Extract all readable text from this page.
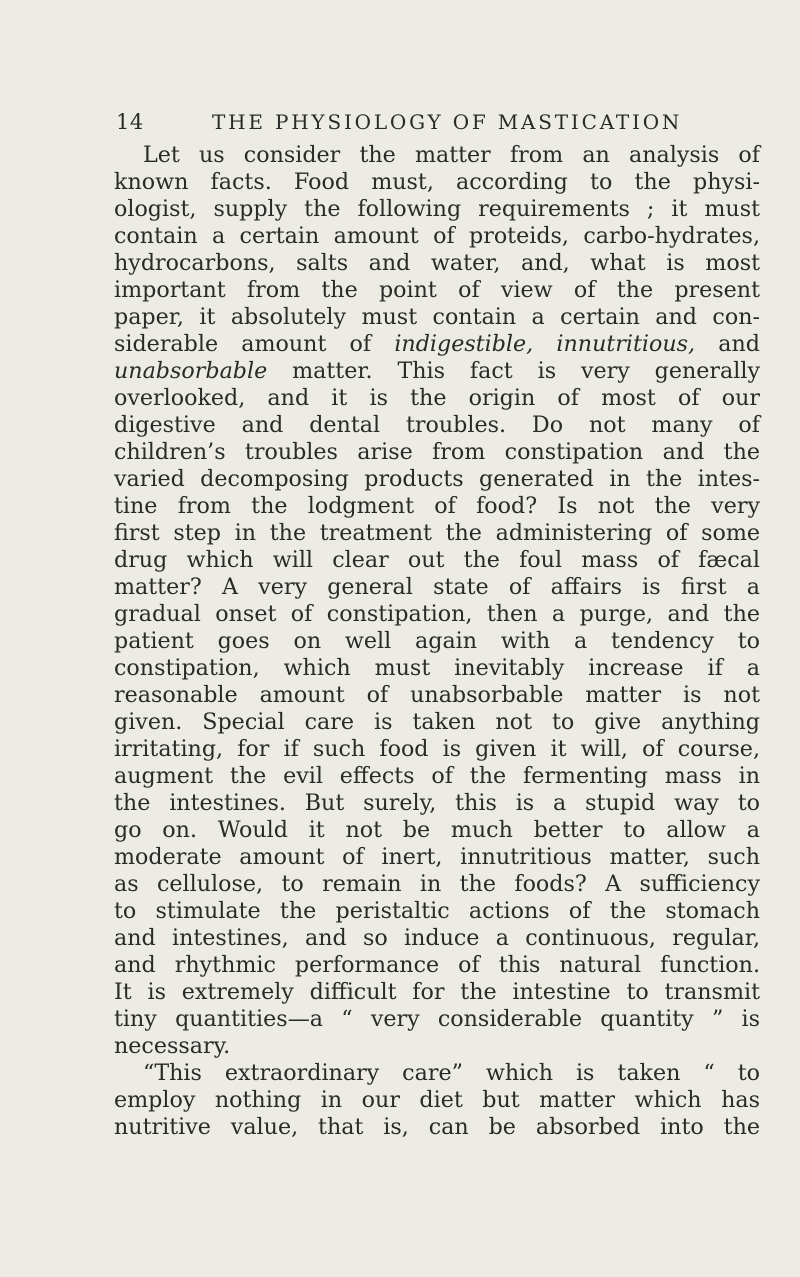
14	THE PHYSIOLOGY OF MASTICATION
Let us consider the matter from an analysis of
known facts. Food must, according to the physi-
ologist, supply the following requirements ; it must
contain a certain amount of proteids, carbo-hydrates,
hydrocarbons, salts and water, and, what is most
important from the point of view of the present
paper, it absolutely must contain a certain and con-
siderable amount of indigestible, innutritious, and
unabsorbable matter. This fact is very generally
overlooked, and it is the origin of most of our
digestive and dental troubles. Do not many of
children’s troubles arise from constipation and the
varied decomposing products generated in the intes-
tine from the lodgment of food? Is not the very
first step in the treatment the administering of some
drug which will clear out the foul mass of fæcal
matter? A very general state of affairs is first a
gradual onset of constipation, then a purge, and the
patient goes on well again with a tendency to
constipation, which must inevitably increase if a
reasonable amount of unabsorbable matter is not
given. Special care is taken not to give anything
irritating, for if such food is given it will, of course,
augment the evil effects of the fermenting mass in
the intestines. But surely, this is a stupid way to
go on. Would it not be much better to allow a
moderate amount of inert, innutritious matter, such
as cellulose, to remain in the foods? A sufficiency
to stimulate the peristaltic actions of the stomach
and intestines, and so induce a continuous, regular,
and rhythmic performance of this natural function.
It is extremely difficult for the intestine to transmit
tiny quantities—a “ very considerable quantity ” is
necessary.
“This extraordinary care” which is taken “ to
employ nothing in our diet but matter which has
nutritive value, that is, can be absorbed into the
